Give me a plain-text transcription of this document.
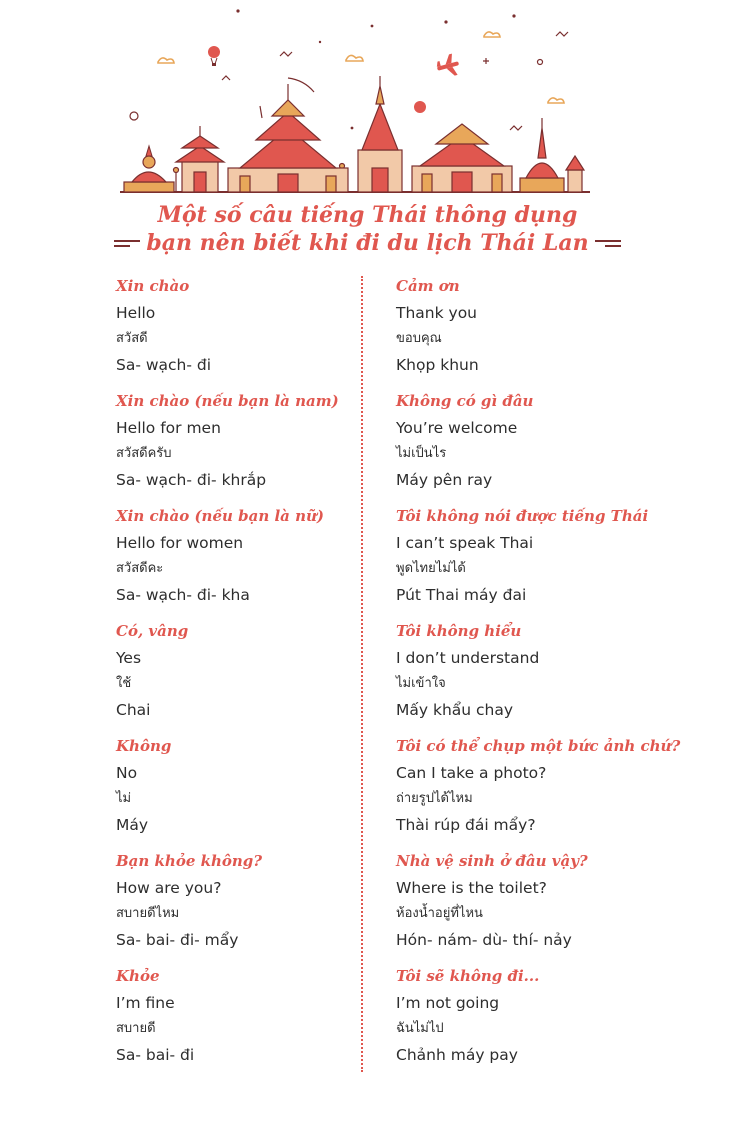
Một số câu tiếng Thái thông dụng
bạn nên biết khi đi du lịch Thái Lan
Xin chào
Hello
สวัสดี
Sa- wạch- đi
Xin chào (nếu bạn là nam)
Hello for men
สวัสดีครับ
Sa- wạch- đi- khrắp
Xin chào (nếu bạn là nữ)
Hello for women
สวัสดีคะ
Sa- wạch- đi- kha
Có, vâng
Yes
ใช้
Chai
Không
No
ไม่
Máy
Bạn khỏe không?
How are you?
สบายดีไหม
Sa- bai- đi- mẩy
Khỏe
I’m fine
สบายดี
Sa- bai- đi
Cảm ơn
Thank you
ขอบคุณ
Khọp khun
Không có gì đâu
You’re welcome
ไม่เป็นไร
Máy pên ray
Tôi không nói được tiếng Thái
I can’t speak Thai
พูดไทยไม่ได้
Pút Thai máy đai
Tôi không hiểu
I don’t understand
ไม่เข้าใจ
Mấy khẩu chay
Tôi có thể chụp một bức ảnh chứ?
Can I take a photo?
ถ่ายรูปได้ไหม
Thài rúp đái mẩy?
Nhà vệ sinh ở đâu vậy?
Where is the toilet?
ห้องน้ำอยู่ที่ไหน
Hón- nám- dù- thí- nảy
Tôi sẽ không đi...
I’m not going
ฉันไม่ไป
Chảnh máy pay
